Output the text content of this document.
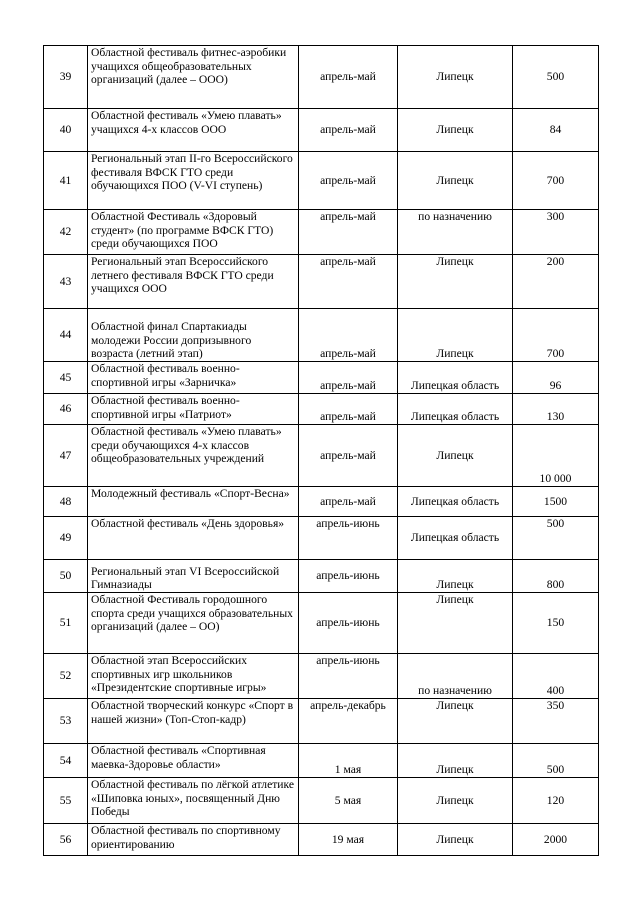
39	Областной фестиваль фитнес-аэробики учащихся общеобразовательных организаций (далее – ООО)	апрель-май	Липецк	500
40	Областной фестиваль «Умею плавать» учащихся 4-х классов ООО	апрель-май	Липецк	84
41	Региональный этап II-го Всероссийского фестиваля ВФСК ГТО среди обучающихся ПОО (V-VI ступень)	апрель-май	Липецк	700
42	Областной Фестиваль «Здоровый студент» (по программе ВФСК ГТО) среди обучающихся ПОО	апрель-май	по назначению	300
43	Региональный этап Всероссийского летнего фестиваля ВФСК ГТО среди учащихся ООО	апрель-май	Липецк	200
44	Областной финал Спартакиады молодежи России допризывного возраста (летний этап)	апрель-май	Липецк	700
45	Областной фестиваль военно-спортивной игры «Зарничка»	апрель-май	Липецкая область	96
46	Областной фестиваль военно-спортивной игры «Патриот»	апрель-май	Липецкая область	130
47	Областной фестиваль «Умею плавать» среди обучающихся 4-х классов общеобразовательных учреждений	апрель-май	Липецк	10 000
48	Молодежный фестиваль «Спорт-Весна»	апрель-май	Липецкая область	1500
49	Областной фестиваль «День здоровья»	апрель-июнь	Липецкая область	500
50	Региональный этап VI Всероссийской Гимназиады	апрель-июнь	Липецк	800
51	Областной Фестиваль городошного спорта среди учащихся образовательных организаций (далее – ОО)	апрель-июнь	Липецк	150
52	Областной этап Всероссийских спортивных игр школьников «Президентские спортивные игры»	апрель-июнь	по назначению	400
53	Областной творческий конкурс «Спорт в нашей жизни» (Топ-Стоп-кадр)	апрель-декабрь	Липецк	350
54	Областной фестиваль «Спортивная маевка-Здоровье области»	1 мая	Липецк	500
55	Областной фестиваль по лёгкой атлетике «Шиповка юных», посвященный Дню Победы	5 мая	Липецк	120
56	Областной фестиваль по спортивному ориентированию	19 мая	Липецк	2000
